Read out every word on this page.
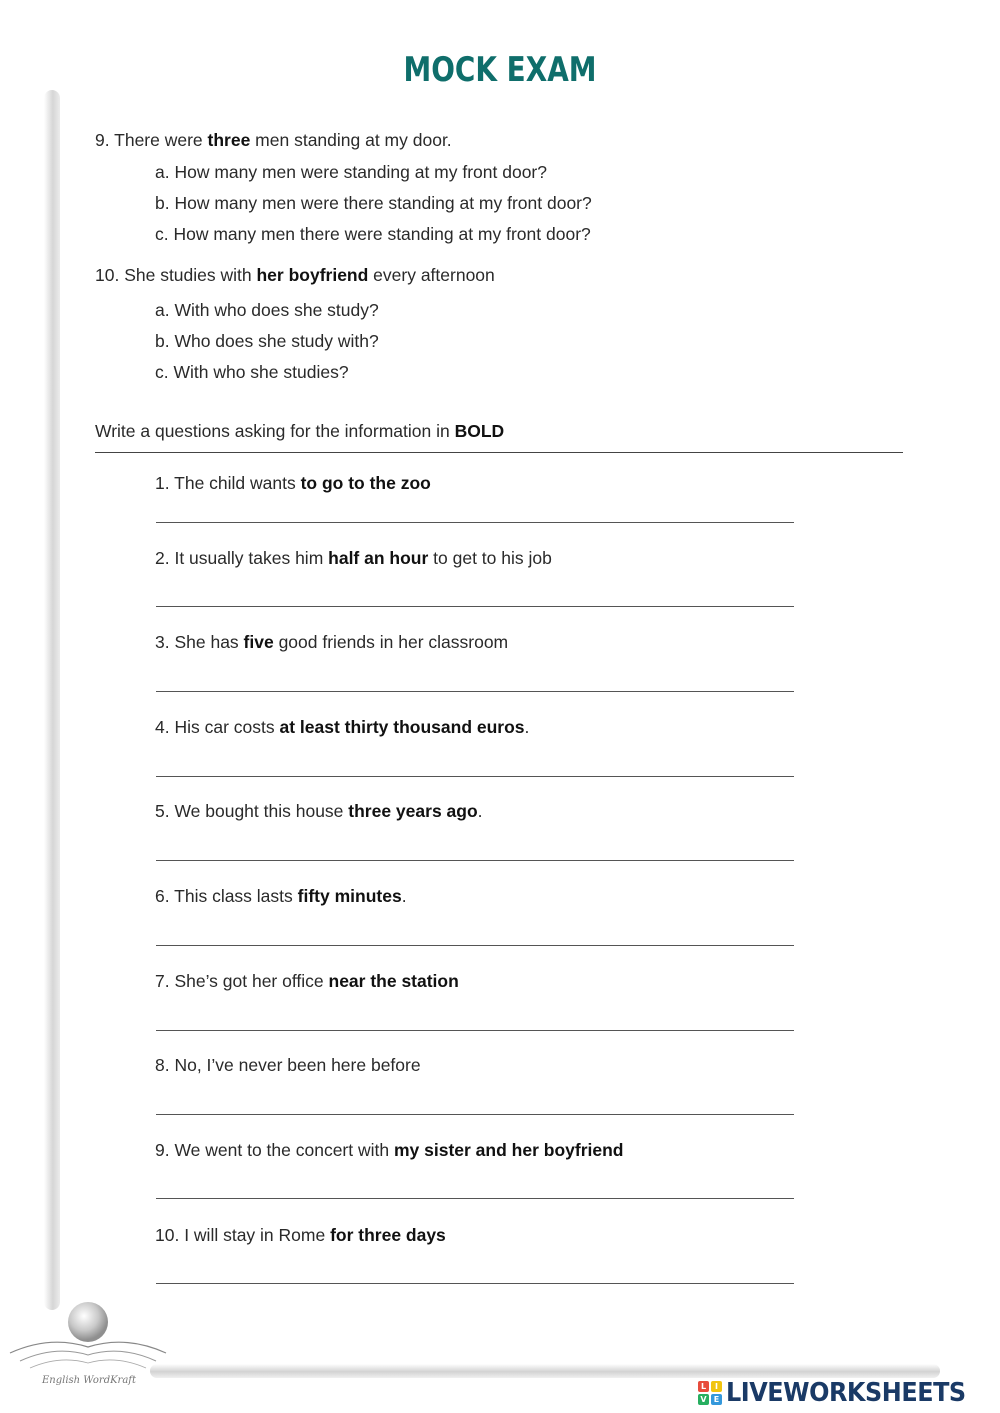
MOCK EXAM
9. There were three men standing at my door.
a. How many men were standing at my front door?
b. How many men were there standing at my front door?
c. How many men there were standing at my front door?
10. She studies with her boyfriend every afternoon
a. With who does she study?
b. Who does she study with?
c. With who she studies?
Write a questions asking for the information in BOLD
1. The child wants to go to the zoo
2. It usually takes him half an hour to get to his job
3. She has five good friends in her classroom
4. His car costs at least thirty thousand euros.
5. We bought this house three years ago.
6. This class lasts fifty minutes.
7. She’s got her office near the station
8. No, I’ve never been here before
9. We went to the concert with my sister and her boyfriend
10. I will stay in Rome for three days
English WordKraft
L	I
V E LIVEWORKSHEETS
